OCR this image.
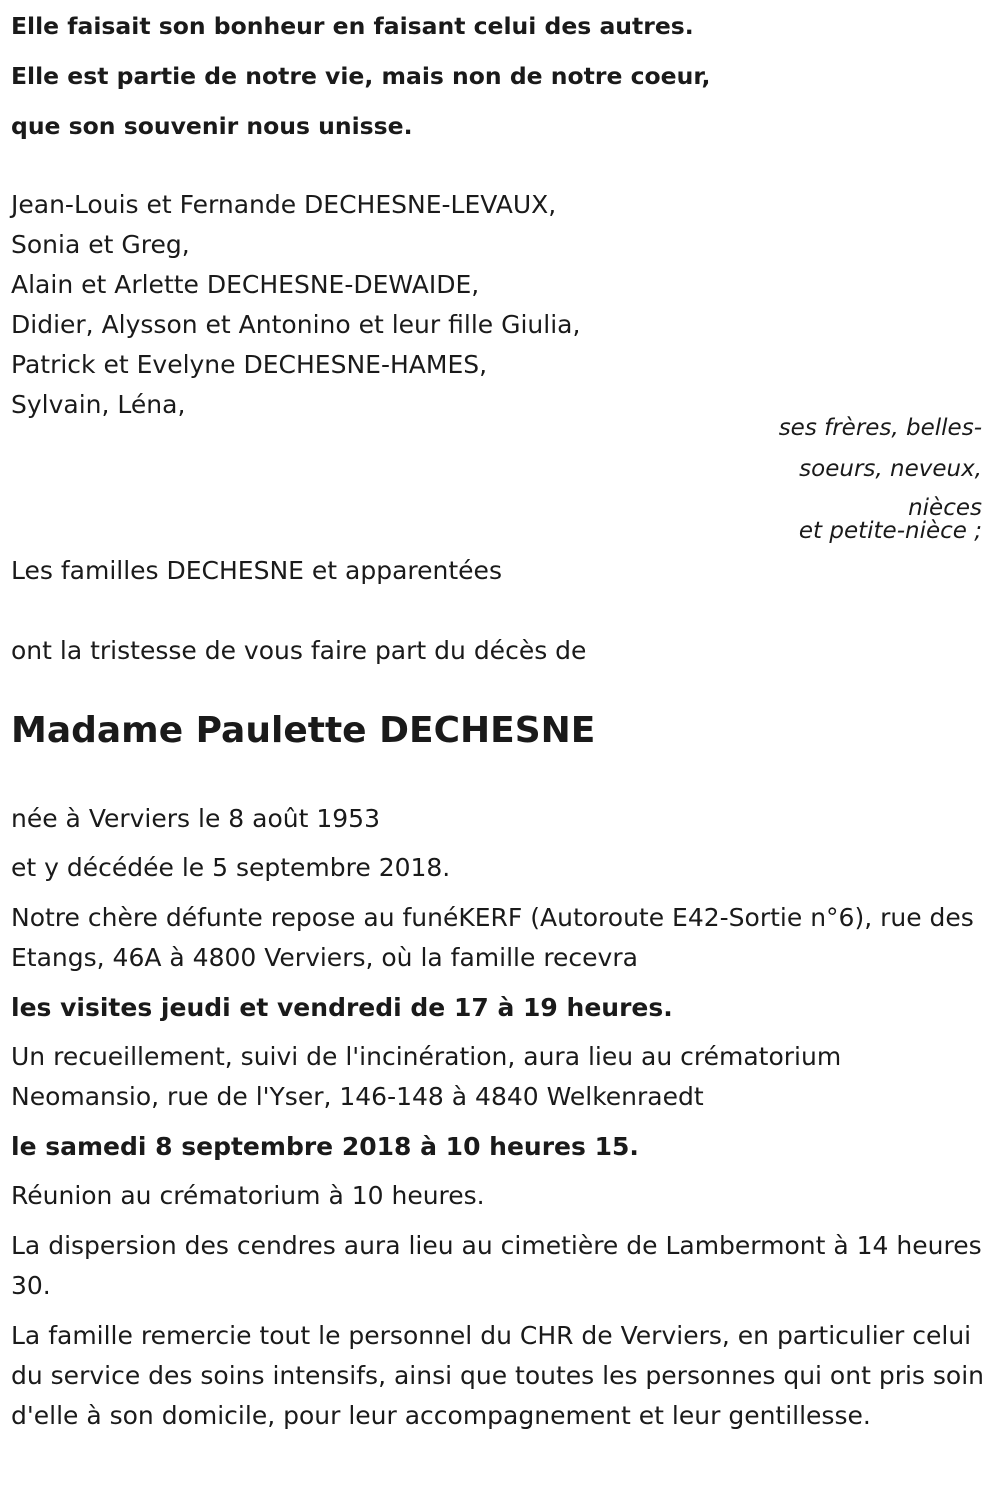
Elle faisait son bonheur en faisant celui des autres.
Elle est partie de notre vie, mais non de notre coeur,
que son souvenir nous unisse.
Jean-Louis et Fernande DECHESNE-LEVAUX,
Sonia et Greg,
Alain et Arlette DECHESNE-DEWAIDE,
Didier, Alysson et Antonino et leur fille Giulia,
Patrick et Evelyne DECHESNE-HAMES,
Sylvain, Léna,
ses frères, belles-
soeurs, neveux,
nièces
et petite-nièce ;
Les familles DECHESNE et apparentées
ont la tristesse de vous faire part du décès de
Madame Paulette DECHESNE
née à Verviers le 8 août 1953
et y décédée le 5 septembre 2018.
Notre chère défunte repose au funéKERF (Autoroute E42-Sortie n°6), rue des Etangs, 46A à 4800 Verviers, où la famille recevra
les visites jeudi et vendredi de 17 à 19 heures.
Un recueillement, suivi de l'incinération, aura lieu au crématorium Neomansio, rue de l'Yser, 146-148 à 4840 Welkenraedt
le samedi 8 septembre 2018 à 10 heures 15.
Réunion au crématorium à 10 heures.
La dispersion des cendres aura lieu au cimetière de Lambermont à 14 heures 30.
La famille remercie tout le personnel du CHR de Verviers, en particulier celui du service des soins intensifs, ainsi que toutes les personnes qui ont pris soin d'elle à son domicile, pour leur accompagnement et leur gentillesse.
